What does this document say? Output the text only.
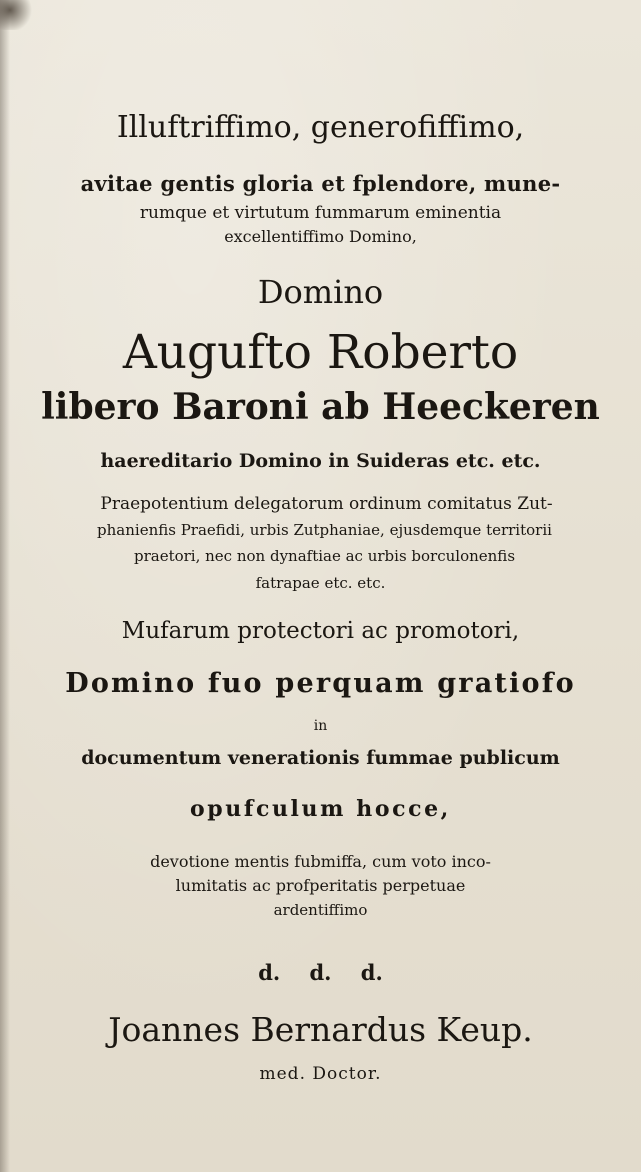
Illuftriffimo, generofiffimo,
avitae gentis gloria et fplendore, mune-
rumque et virtutum fummarum eminentia
excellentiffimo Domino,
Domino
Augufto Roberto
libero Baroni ab Heeckeren
haereditario Domino in Suideras etc. etc.
Praepotentium delegatorum ordinum comitatus Zut-
phanienfis Praefidi, urbis Zutphaniae, ejusdemque territorii
praetori, nec non dynaftiae ac urbis borculonenfis
fatrapae etc. etc.
Mufarum protectori ac promotori,
Domino fuo perquam gratiofo
in
documentum venerationis fummae publicum
opufculum hocce,
devotione mentis fubmiffa, cum voto inco-
lumitatis ac profperitatis perpetuae
ardentiffimo
d. d. d.
Joannes Bernardus Keup.
med. Doctor.
